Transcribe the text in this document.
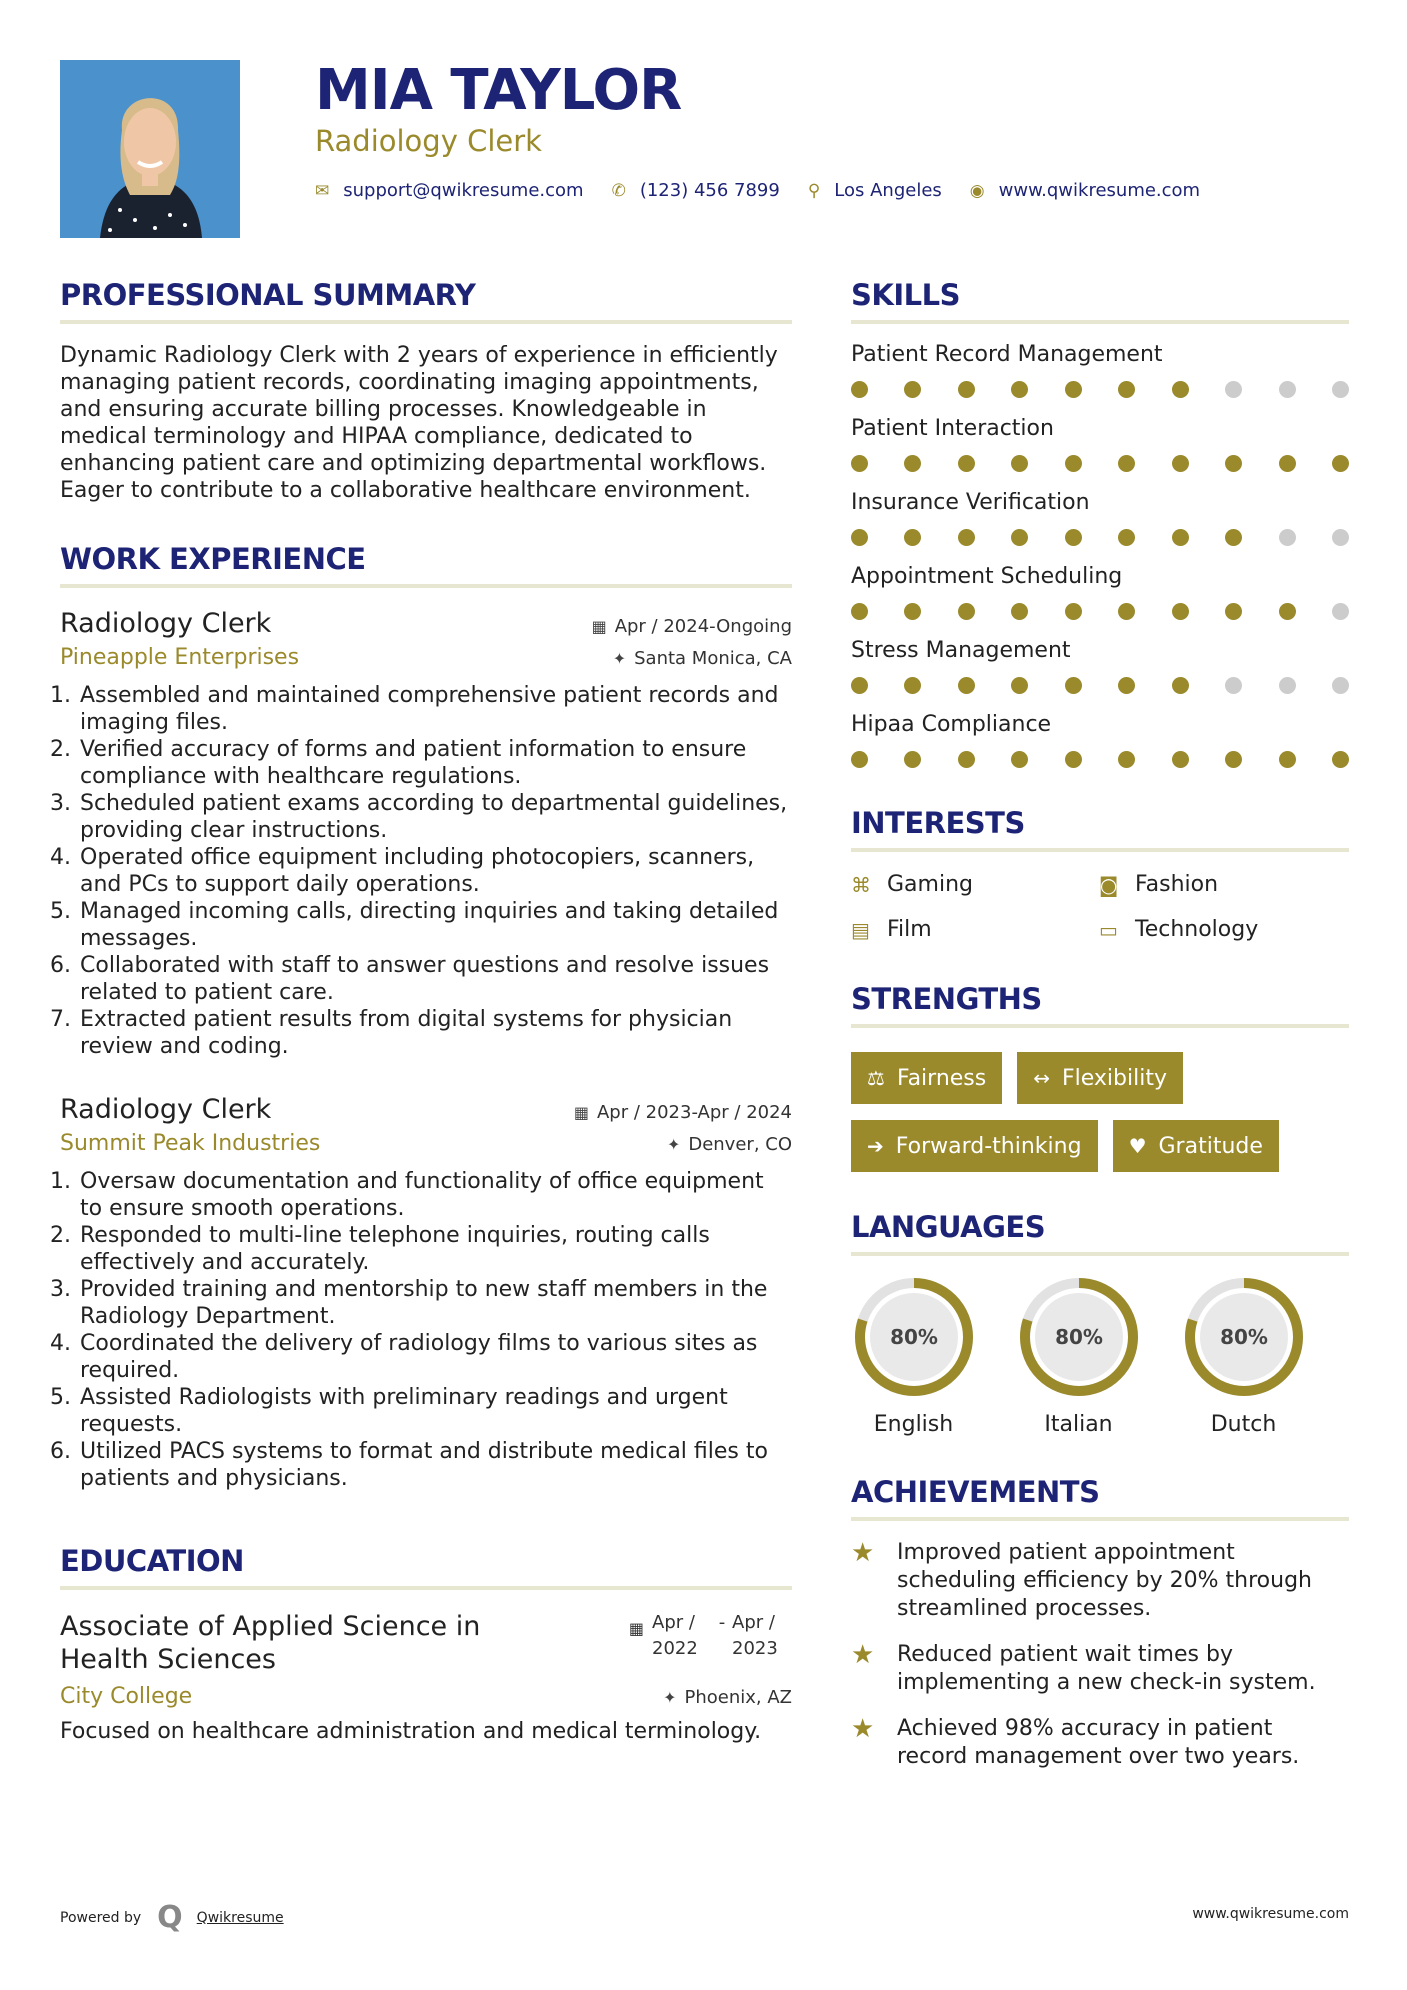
MIA TAYLOR
Radiology Clerk
✉ support@qwikresume.com ✆ (123) 456 7899 ⚲ Los Angeles ◉ www.qwikresume.com
PROFESSIONAL SUMMARY
Dynamic Radiology Clerk with 2 years of experience in efficiently
managing patient records, coordinating imaging appointments,
and ensuring accurate billing processes. Knowledgeable in
medical terminology and HIPAA compliance, dedicated to
enhancing patient care and optimizing departmental workflows.
Eager to contribute to a collaborative healthcare environment.
WORK EXPERIENCE
Radiology Clerk	▦ Apr / 2024-Ongoing
Pineapple Enterprises	✦ Santa Monica, CA
1. Assembled and maintained comprehensive patient records and imaging files.
2. Verified accuracy of forms and patient information to ensure compliance with healthcare regulations.
3. Scheduled patient exams according to departmental guidelines, providing clear instructions.
4. Operated office equipment including photocopiers, scanners, and PCs to support daily operations.
5. Managed incoming calls, directing inquiries and taking detailed messages.
6. Collaborated with staff to answer questions and resolve issues related to patient care.
7. Extracted patient results from digital systems for physician review and coding.
Radiology Clerk	▦ Apr / 2023-Apr / 2024
Summit Peak Industries	✦ Denver, CO
1. Oversaw documentation and functionality of office equipment to ensure smooth operations.
2. Responded to multi-line telephone inquiries, routing calls effectively and accurately.
3. Provided training and mentorship to new staff members in the Radiology Department.
4. Coordinated the delivery of radiology films to various sites as required.
5. Assisted Radiologists with preliminary readings and urgent requests.
6. Utilized PACS systems to format and distribute medical files to patients and physicians.
EDUCATION
Associate of Applied Science in
Health Sciences
▦ Apr /
2022
- Apr /
2023
City College	✦ Phoenix, AZ
Focused on healthcare administration and medical terminology.
SKILLS
Patient Record Management
Patient Interaction
Insurance Verification
Appointment Scheduling
Stress Management
Hipaa Compliance
INTERESTS
⌘ Gaming	◙ Fashion
▤ Film	▭ Technology
STRENGTHS
⚖ Fairness ↔ Flexibility
➔ Forward-thinking ♥ Gratitude
LANGUAGES
80%
English
80%
Italian
80%
Dutch
ACHIEVEMENTS
★	Improved patient appointment scheduling efficiency by 20% through streamlined processes.
★	Reduced patient wait times by implementing a new check-in system.
★	Achieved 98% accuracy in patient record management over two years.
Powered by Q Qwikresume	www.qwikresume.com
